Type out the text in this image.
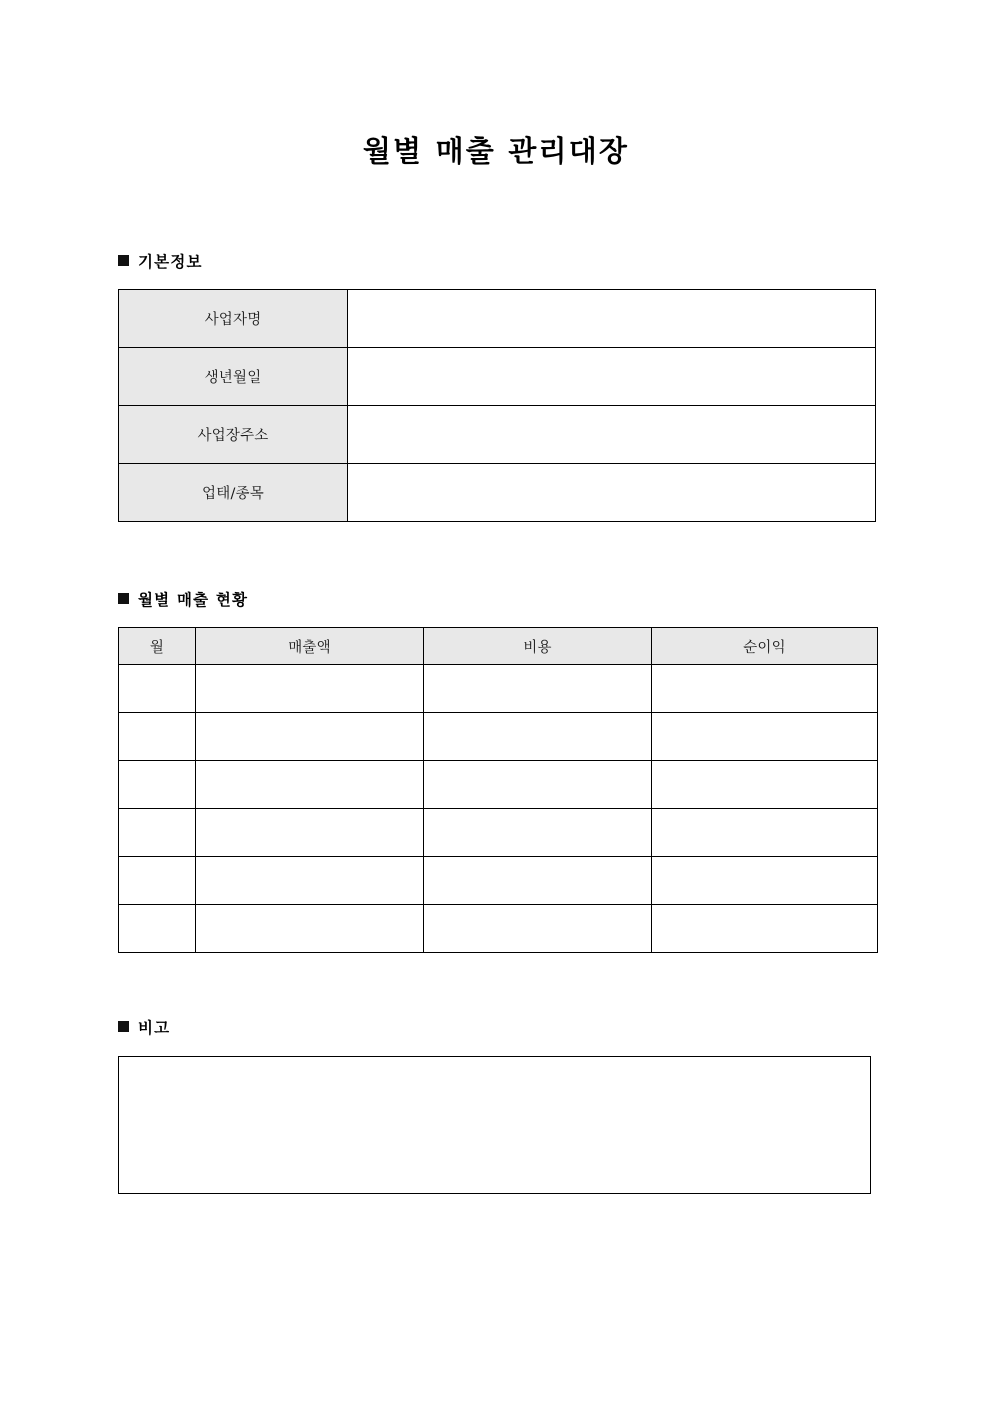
월별 매출 관리대장
기본정보
사업자명	
생년월일	
사업장주소	
업태/종목	
월별 매출 현황
월	매출액	비용	순이익

비고
